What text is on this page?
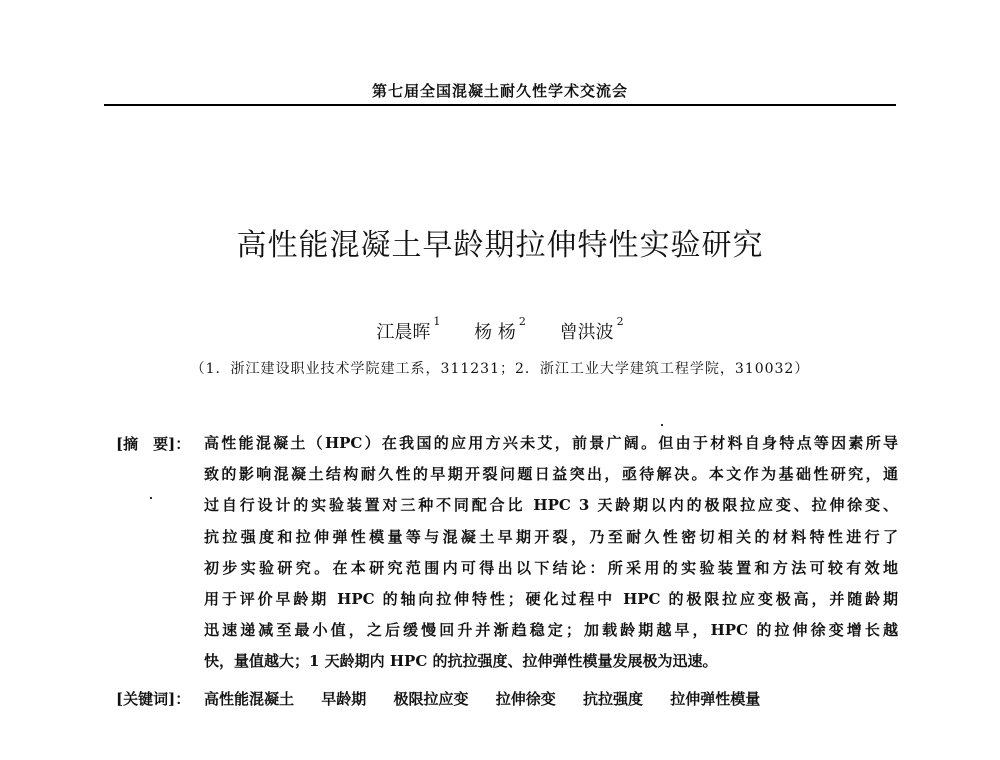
第七届全国混凝土耐久性学术交流会
高性能混凝土早龄期拉伸特性实验研究
江晨晖$^1$ 杨 杨$^2$ 曾洪波$^2$
（1．浙江建设职业技术学院建工系，311231；2．浙江工业大学建筑工程学院，310032）
[摘　要]： 高性能混凝土（HPC）在我国的应用方兴未艾，前景广阔。但由于材料自身特点等因素所导
致的影响混凝土结构耐久性的早期开裂问题日益突出，亟待解决。本文作为基础性研究，通
过自行设计的实验装置对三种不同配合比 HPC 3 天龄期以内的极限拉应变、拉伸徐变、
抗拉强度和拉伸弹性模量等与混凝土早期开裂，乃至耐久性密切相关的材料特性进行了
初步实验研究。在本研究范围内可得出以下结论：所采用的实验装置和方法可较有效地
用于评价早龄期 HPC 的轴向拉伸特性；硬化过程中 HPC 的极限拉应变极高，并随龄期
迅速递减至最小值，之后缓慢回升并渐趋稳定；加载龄期越早，HPC 的拉伸徐变增长越
快，量值越大；1 天龄期内 HPC 的抗拉强度、拉伸弹性模量发展极为迅速。
[关键词]： 高性能混凝土 早龄期 极限拉应变 拉伸徐变 抗拉强度 拉伸弹性模量
